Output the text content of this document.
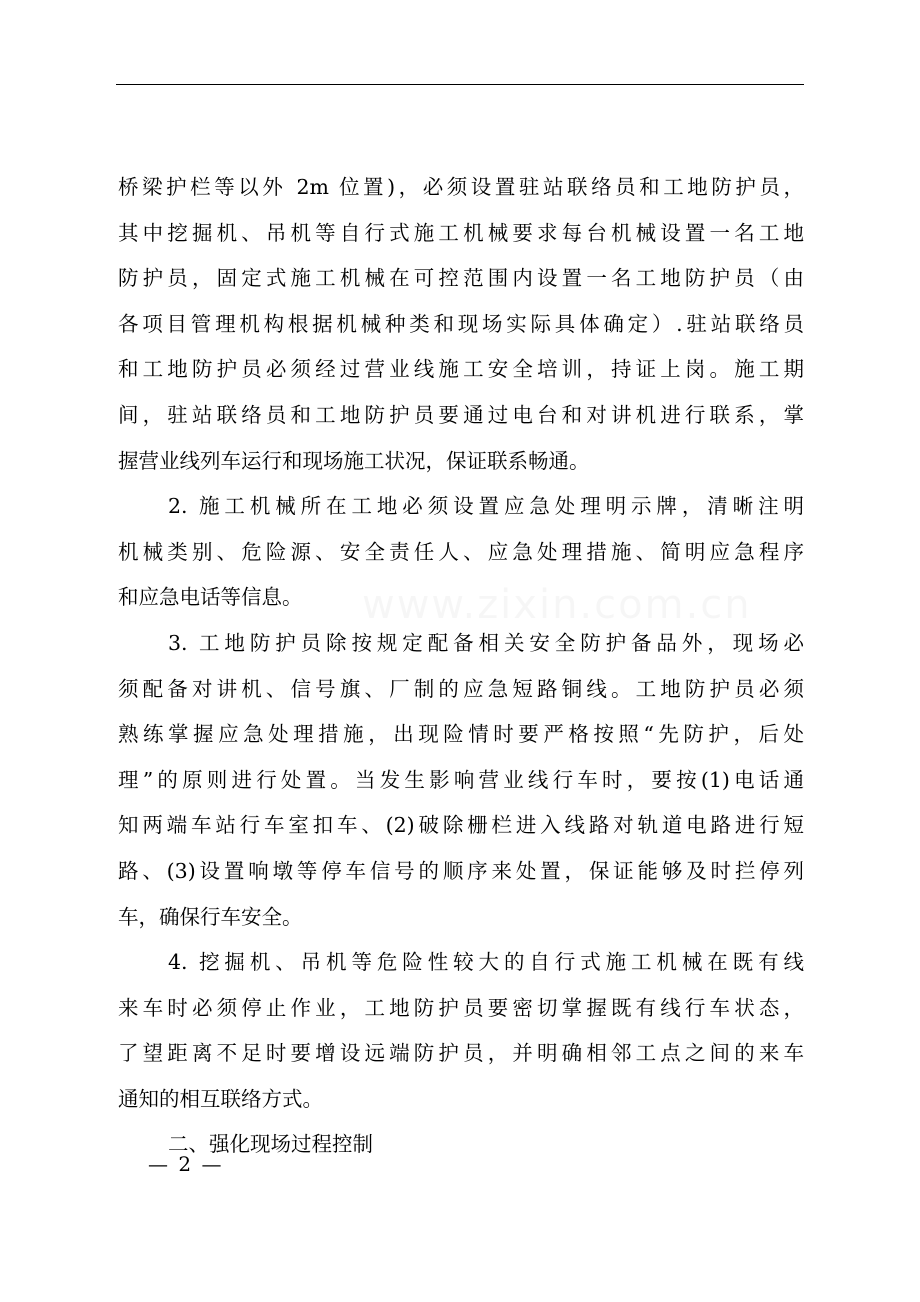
桥梁护栏等以外 2m 位置)，必须设置驻站联络员和工地防护员，
其中挖掘机、吊机等自行式施工机械要求每台机械设置一名工地
防护员，固定式施工机械在可控范围内设置一名工地防护员（由
各项目管理机构根据机械种类和现场实际具体确定）.驻站联络员
和工地防护员必须经过营业线施工安全培训，持证上岗。施工期
间，驻站联络员和工地防护员要通过电台和对讲机进行联系，掌
握营业线列车运行和现场施工状况，保证联系畅通。
2. 施工机械所在工地必须设置应急处理明示牌，清晰注明
机械类别、危险源、安全责任人、应急处理措施、简明应急程序
和应急电话等信息。
3. 工地防护员除按规定配备相关安全防护备品外，现场必
须配备对讲机、信号旗、厂制的应急短路铜线。工地防护员必须
熟练掌握应急处理措施，出现险情时要严格按照“先防护，后处
理”的原则进行处置。当发生影响营业线行车时，要按(1)电话通
知两端车站行车室扣车、(2)破除栅栏进入线路对轨道电路进行短
路、(3)设置响墩等停车信号的顺序来处置，保证能够及时拦停列
车，确保行车安全。
4. 挖掘机、吊机等危险性较大的自行式施工机械在既有线
来车时必须停止作业，工地防护员要密切掌握既有线行车状态，
了望距离不足时要增设远端防护员，并明确相邻工点之间的来车
通知的相互联络方式。
二、强化现场过程控制
— 2 —
